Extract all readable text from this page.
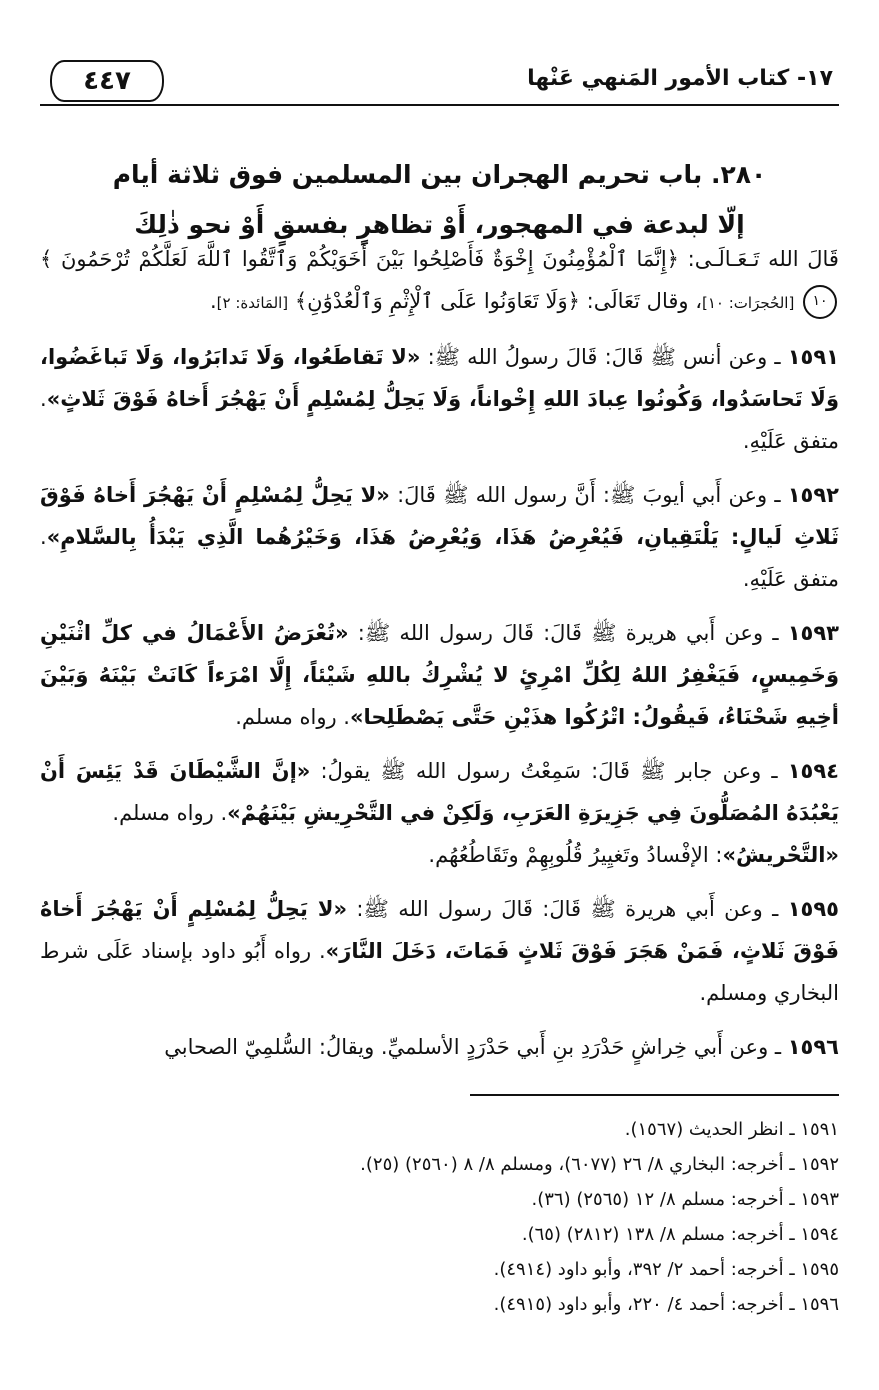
١٧- كتاب الأمور المَنهي عَنْها
٤٤٧
٢٨٠. باب تحريم الهجران بين المسلمين فوق ثلاثة أيام
إلّا لبدعة في المهجور، أَوْ تظاهرٍ بفسقٍ أَوْ نحو ذٰلِكَ

قَالَ الله تَـعَـالَـى: ﴿إِنَّمَا ٱلْمُؤْمِنُونَ إِخْوَةٌ فَأَصْلِحُوا بَيْنَ أَخَوَيْكُمْ وَٱتَّقُوا ٱللَّهَ لَعَلَّكُمْ تُرْحَمُونَ ﴾١٠ [الحُجرَات: ١٠]، وقال تَعَالَى: ﴿وَلَا تَعَاوَنُوا عَلَى ٱلْإِثْمِ وَٱلْعُدْوَٰنِ﴾ [المَائدة: ٢].

١٥٩١ ـ وعن أنس ﷺ قَالَ: قَالَ رسولُ الله ﷺ: «لا تَقاطَعُوا، وَلَا تَدابَرُوا، وَلَا تَباغَضُوا، وَلَا تَحاسَدُوا، وَكُونُوا عِبادَ اللهِ إِخْواناً، وَلَا يَحِلُّ لِمُسْلِمٍ أَنْ يَهْجُرَ أَخاهُ فَوْقَ ثَلاثٍ». متفق عَلَيْهِ.

١٥٩٢ ـ وعن أَبي أيوبَ ﷺ: أَنَّ رسول الله ﷺ قَالَ: «لا يَحِلُّ لِمُسْلِمٍ أَنْ يَهْجُرَ أَخاهُ فَوْقَ ثَلاثِ لَيالٍ: يَلْتَقِيانِ، فَيُعْرِضُ هَذَا، وَيُعْرِضُ هَذَا، وَخَيْرُهُما الَّذِي يَبْدَأُ بِالسَّلامِ». متفق عَلَيْهِ.

١٥٩٣ ـ وعن أَبي هريرة ﷺ قَالَ: قَالَ رسول الله ﷺ: «تُعْرَضُ الأَعْمَالُ في كلِّ اثْنَيْنِ وَخَمِيسٍ، فَيَغْفِرُ اللهُ لِكُلِّ امْرِئٍ لا يُشْرِكُ باللهِ شَيْئاً، إِلَّا امْرَءاً كَانَتْ بَيْنَهُ وَبَيْنَ أخِيهِ شَحْنَاءُ، فَيقُولُ: اتْرُكُوا هذَيْنِ حَتَّى يَصْطَلِحا». رواه مسلم.

١٥٩٤ ـ وعن جابر ﷺ قَالَ: سَمِعْتُ رسول الله ﷺ يقولُ: «إنَّ الشَّيْطَانَ قَدْ يَئِسَ أَنْ يَعْبُدَهُ المُصَلُّونَ فِي جَزِيرَةِ العَرَبِ، وَلَكِنْ في التَّحْرِيشِ بَيْنَهُمْ». رواه مسلم.

«التَّحْريشُ»: الإفْسادُ وتَغيِيرُ قُلُوبِهِمْ وتَقَاطُعُهُم.

١٥٩٥ ـ وعن أَبي هريرة ﷺ قَالَ: قَالَ رسول الله ﷺ: «لا يَحِلُّ لِمُسْلِمٍ أَنْ يَهْجُرَ أَخاهُ فَوْقَ ثَلاثٍ، فَمَنْ هَجَرَ فَوْقَ ثَلاثٍ فَمَاتَ، دَخَلَ النَّارَ». رواه أَبُو داود بإسناد عَلَى شرط البخاري ومسلم.

١٥٩٦ ـ وعن أَبي خِراشٍ حَدْرَدِ بنِ أَبي حَدْرَدٍ الأسلميِّ. ويقالُ: السُّلمِيّ الصحابي

١٥٩١ ـ انظر الحديث (١٥٦٧).
١٥٩٢ ـ أخرجه: البخاري ٨/ ٢٦ (٦٠٧٧)، ومسلم ٨/ ٨ (٢٥٦٠) (٢٥).
١٥٩٣ ـ أخرجه: مسلم ٨/ ١٢ (٢٥٦٥) (٣٦).
١٥٩٤ ـ أخرجه: مسلم ٨/ ١٣٨ (٢٨١٢) (٦٥).
١٥٩٥ ـ أخرجه: أحمد ٢/ ٣٩٢، وأبو داود (٤٩١٤).
١٥٩٦ ـ أخرجه: أحمد ٤/ ٢٢٠، وأبو داود (٤٩١٥).
